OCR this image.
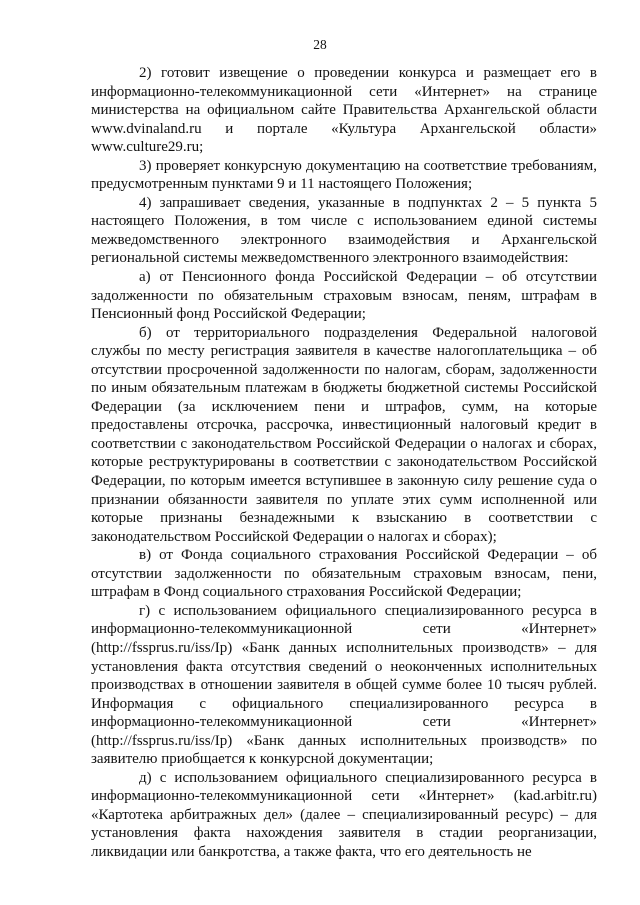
28

2) готовит извещение о проведении конкурса и размещает его в информационно-телекоммуникационной сети «Интернет» на странице министерства на официальном сайте Правительства Архангельской области www.dvinaland.ru и портале «Культура Архангельской области» www.culture29.ru;

3) проверяет конкурсную документацию на соответствие требованиям, предусмотренным пунктами 9 и 11 настоящего Положения;

4) запрашивает сведения, указанные в подпунктах 2 – 5 пункта 5 настоящего Положения, в том числе с использованием единой системы межведомственного электронного взаимодействия и Архангельской региональной системы межведомственного электронного взаимодействия:

а) от Пенсионного фонда Российской Федерации – об отсутствии задолженности по обязательным страховым взносам, пеням, штрафам в Пенсионный фонд Российской Федерации;

б) от территориального подразделения Федеральной налоговой службы по месту регистрация заявителя в качестве налогоплательщика – об отсутствии просроченной задолженности по налогам, сборам, задолженности по иным обязательным платежам в бюджеты бюджетной системы Российской Федерации (за исключением пени и штрафов, сумм, на которые предоставлены отсрочка, рассрочка, инвестиционный налоговый кредит в соответствии с законодательством Российской Федерации о налогах и сборах, которые реструктурированы в соответствии с законодательством Российской Федерации, по которым имеется вступившее в законную силу решение суда о признании обязанности заявителя по уплате этих сумм исполненной или которые признаны безнадежными к взысканию в соответствии с законодательством Российской Федерации о налогах и сборах);

в) от Фонда социального страхования Российской Федерации – об отсутствии задолженности по обязательным страховым взносам, пени, штрафам в Фонд социального страхования Российской Федерации;

г) с использованием официального специализированного ресурса в информационно-телекоммуникационной сети «Интернет» (http://fssprus.ru/iss/Ip) «Банк данных исполнительных производств» – для установления факта отсутствия сведений о неоконченных исполнительных производствах в отношении заявителя в общей сумме более 10 тысяч рублей. Информация с официального специализированного ресурса в информационно-телекоммуникационной сети «Интернет» (http://fssprus.ru/iss/Ip) «Банк данных исполнительных производств» по заявителю приобщается к конкурсной документации;

д) с использованием официального специализированного ресурса в информационно-телекоммуникационной сети «Интернет» (kad.arbitr.ru) «Картотека арбитражных дел» (далее – специализированный ресурс) – для установления факта нахождения заявителя в стадии реорганизации, ликвидации или банкротства, а также факта, что его деятельность не
